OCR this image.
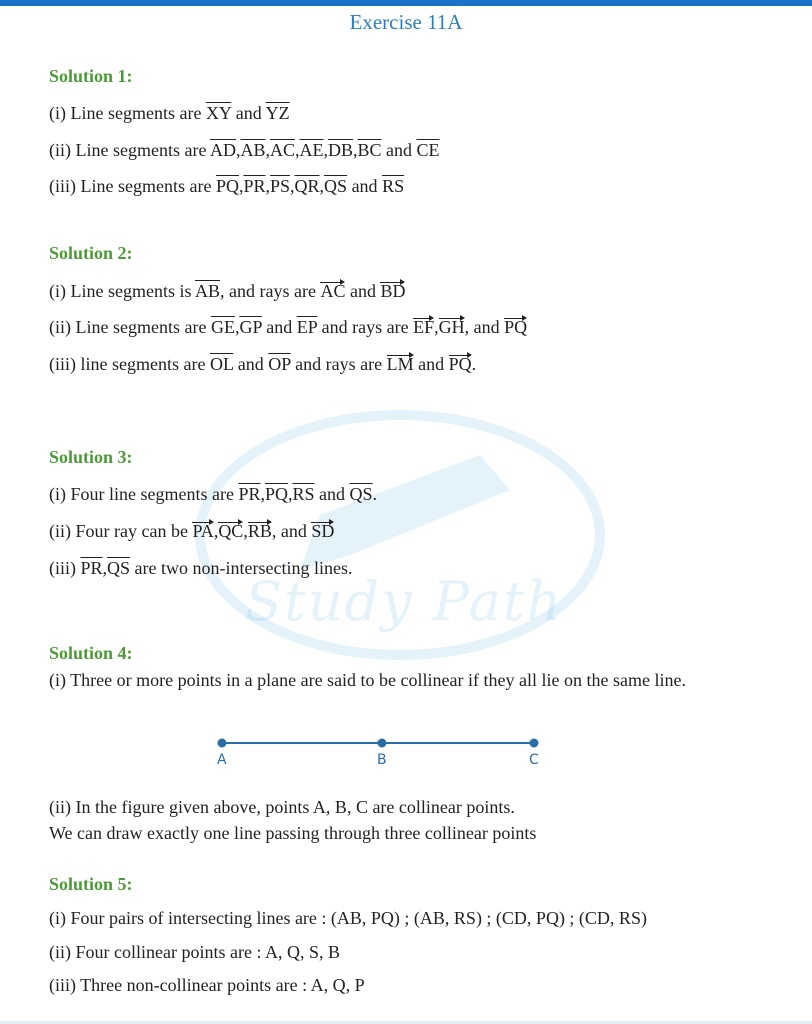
Exercise 11A
Study Path
Solution 1:
(i) Line segments are $\overline{XY}$ and $\overline{YZ}$
(ii) Line segments are $\overline{AD},\overline{AB},\overline{AC},\overline{AE},\overline{DB},\overline{BC}$ and $\overline{CE}$
(iii) Line segments are $\overline{PQ},\overline{PR},\overline{PS},\overline{QR},\overline{QS}$ and $\overline{RS}$
Solution 2:
(i) Line segments is $\overline{AB}$, and rays are AC and BD
(ii) Line segments are $\overline{GE},\overline{GP}$ and $\overline{EP}$ and rays are EF,GH, and PQ
(iii) line segments are $\overline{OL}$ and $\overline{OP}$ and rays are LM and PQ.
Solution 3:
(i) Four line segments are $\overline{PR},\overline{PQ},\overline{RS}$ and $\overline{QS}$.
(ii) Four ray can be PA,QC,RB, and SD
(iii) $\overline{PR},\overline{QS}$ are two non-intersecting lines.
Solution 4:
(i) Three or more points in a plane are said to be collinear if they all lie on the same line.
A	B	C
(ii) In the figure given above, points A, B, C are collinear points.
We can draw exactly one line passing through three collinear points
Solution 5:
(i) Four pairs of intersecting lines are : (AB, PQ) ; (AB, RS) ; (CD, PQ) ; (CD, RS)
(ii) Four collinear points are : A, Q, S, B
(iii) Three non-collinear points are : A, Q, P
